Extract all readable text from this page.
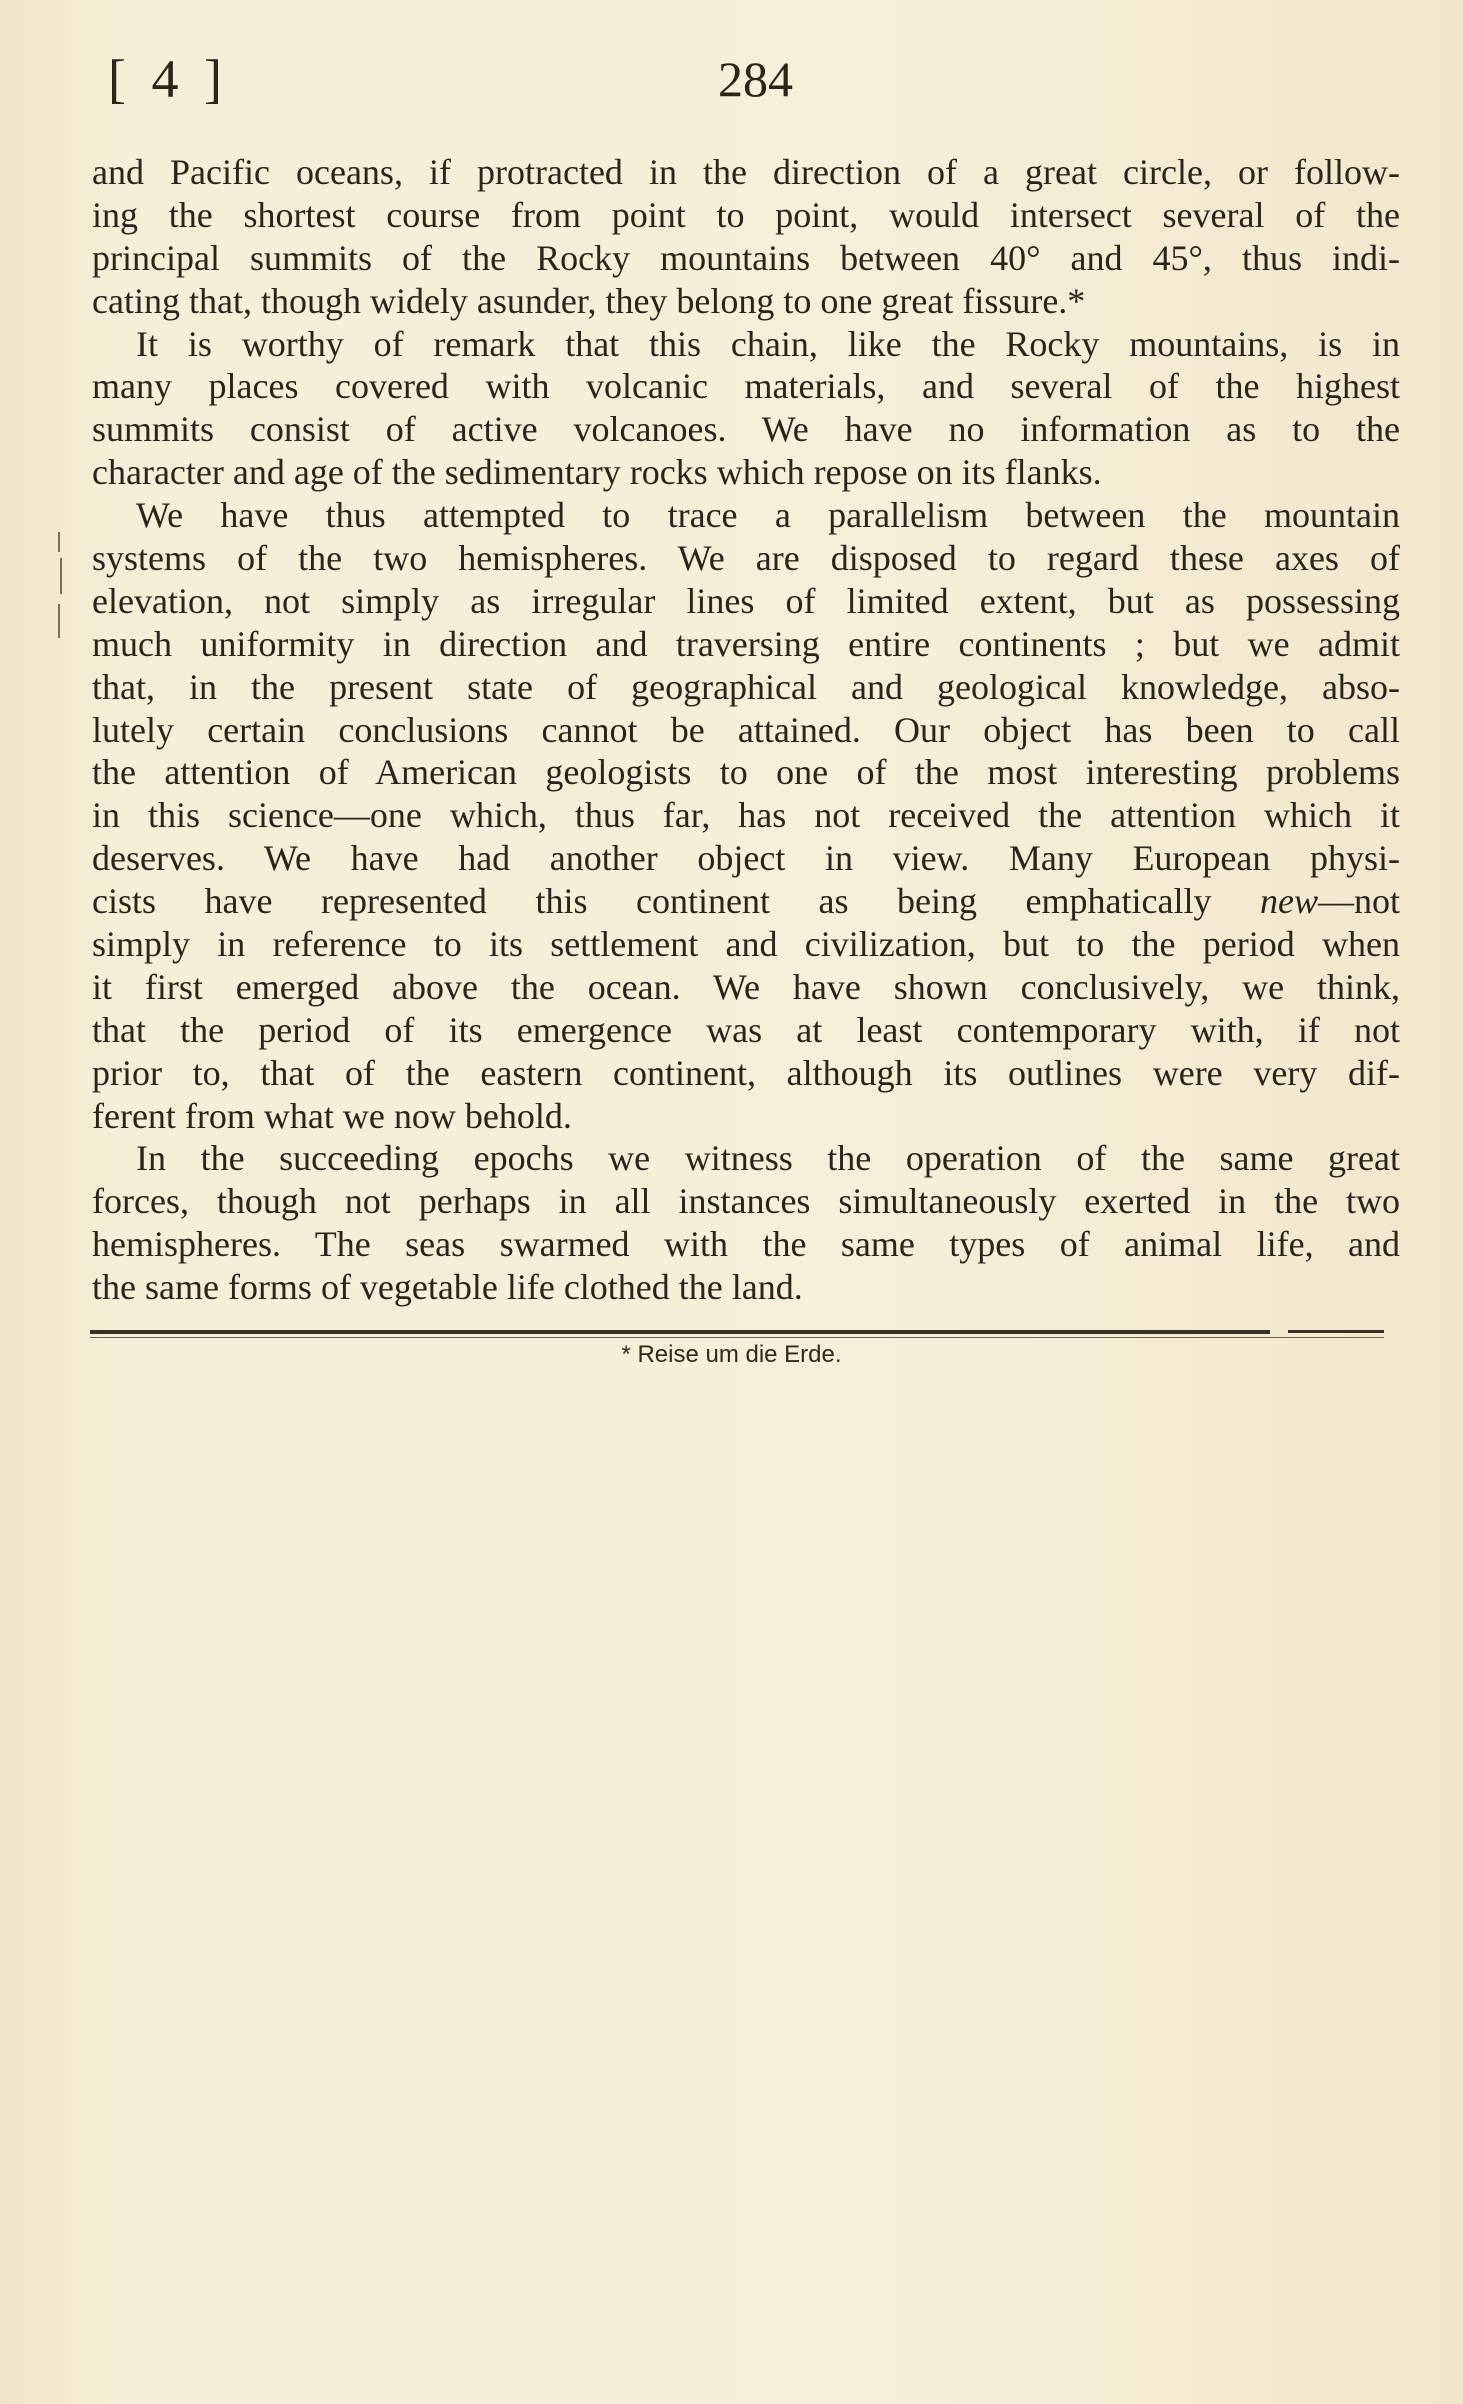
[ 4 ]	284
and Pacific oceans, if protracted in the direction of a great circle, or follow-
ing the shortest course from point to point, would intersect several of the
principal summits of the Rocky mountains between 40° and 45°, thus indi-
cating that, though widely asunder, they belong to one great fissure.*
It is worthy of remark that this chain, like the Rocky mountains, is in
many places covered with volcanic materials, and several of the highest
summits consist of active volcanoes. We have no information as to the
character and age of the sedimentary rocks which repose on its flanks.
We have thus attempted to trace a parallelism between the mountain
systems of the two hemispheres. We are disposed to regard these axes of
elevation, not simply as irregular lines of limited extent, but as possessing
much uniformity in direction and traversing entire continents ; but we admit
that, in the present state of geographical and geological knowledge, abso-
lutely certain conclusions cannot be attained. Our object has been to call
the attention of American geologists to one of the most interesting problems
in this science—one which, thus far, has not received the attention which it
deserves. We have had another object in view. Many European physi-
cists have represented this continent as being emphatically new—not
simply in reference to its settlement and civilization, but to the period when
it first emerged above the ocean. We have shown conclusively, we think,
that the period of its emergence was at least contemporary with, if not
prior to, that of the eastern continent, although its outlines were very dif-
ferent from what we now behold.
In the succeeding epochs we witness the operation of the same great
forces, though not perhaps in all instances simultaneously exerted in the two
hemispheres. The seas swarmed with the same types of animal life, and
the same forms of vegetable life clothed the land.
* Reise um die Erde.
